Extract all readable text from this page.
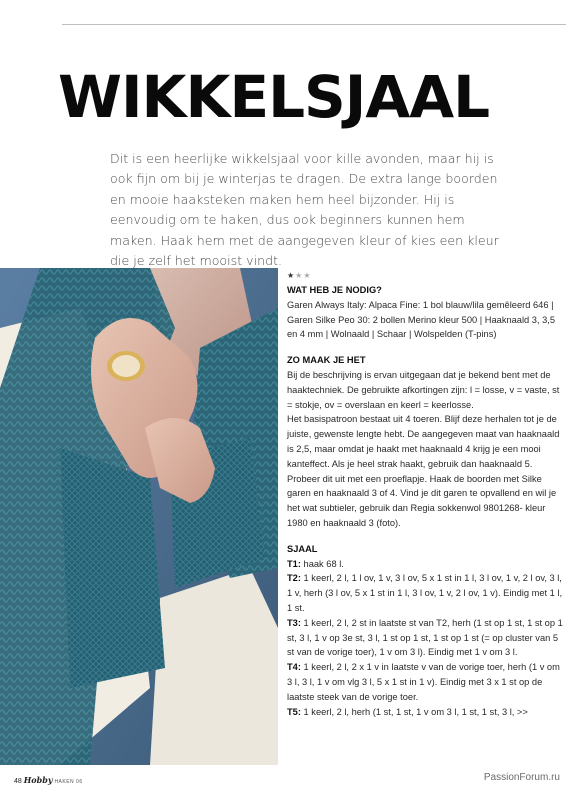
WIKKELSJAAL

Dit is een heerlijke wikkelsjaal voor kille avonden, maar hij is ook fijn om bij je winterjas te dragen. De extra lange boorden en mooie haaksteken maken hem heel bijzonder. Hij is eenvoudig om te haken, dus ook beginners kunnen hem maken. Haak hem met de aangegeven kleur of kies een kleur die je zelf het mooist vindt.

★★★
WAT HEB JE NODIG?

Garen Always Italy: Alpaca Fine: 1 bol blauw/lila gemêleerd 646 | Garen Silke Peo 30: 2 bollen Merino kleur 500 | Haaknaald 3, 3,5 en 4 mm | Wolnaald | Schaar | Wolspelden (T-pins)

ZO MAAK JE HET

Bij de beschrijving is ervan uitgegaan dat je bekend bent met de haaktechniek. De gebruikte afkortingen zijn: l = losse, v = vaste, st = stokje, ov = overslaan en keerl = keerlosse.

Het basispatroon bestaat uit 4 toeren. Blijf deze herhalen tot je de juiste, gewenste lengte hebt. De aangegeven maat van haaknaald is 2,5, maar omdat je haakt met haaknaald 4 krijg je een mooi kanteffect. Als je heel strak haakt, gebruik dan haaknaald 5. Probeer dit uit met een proeflapje. Haak de boorden met Silke garen en haaknaald 3 of 4. Vind je dit garen te opvallend en wil je het wat subtieler, gebruik dan Regia sokkenwol 9801268- kleur 1980 en haaknaald 3 (foto).

SJAAL
T1: haak 68 l.
T2: 1 keerl, 2 l, 1 l ov, 1 v, 3 l ov, 5 x 1 st in 1 l, 3 l ov, 1 v, 2 l ov, 3 l, 1 v, herh (3 l ov, 5 x 1 st in 1 l, 3 l ov, 1 v, 2 l ov, 1 v). Eindig met 1 l, 1 st.
T3: 1 keerl, 2 l, 2 st in laatste st van T2, herh (1 st op 1 st, 1 st op 1 st, 3 l, 1 v op 3e st, 3 l, 1 st op 1 st, 1 st op 1 st (= op cluster van 5 st van de vorige toer), 1 v om 3 l). Eindig met 1 v om 3 l.
T4: 1 keerl, 2 l, 2 x 1 v in laatste v van de vorige toer, herh (1 v om 3 l, 3 l, 1 v om vlg 3 l, 5 x 1 st in 1 v). Eindig met 3 x 1 st op de laatste steek van de vorige toer.
T5: 1 keerl, 2 l, herh (1 st, 1 st, 1 v om 3 l, 1 st, 1 st, 3 l, >>
48 Hobby HAKEN 06	PassionForum.ru
